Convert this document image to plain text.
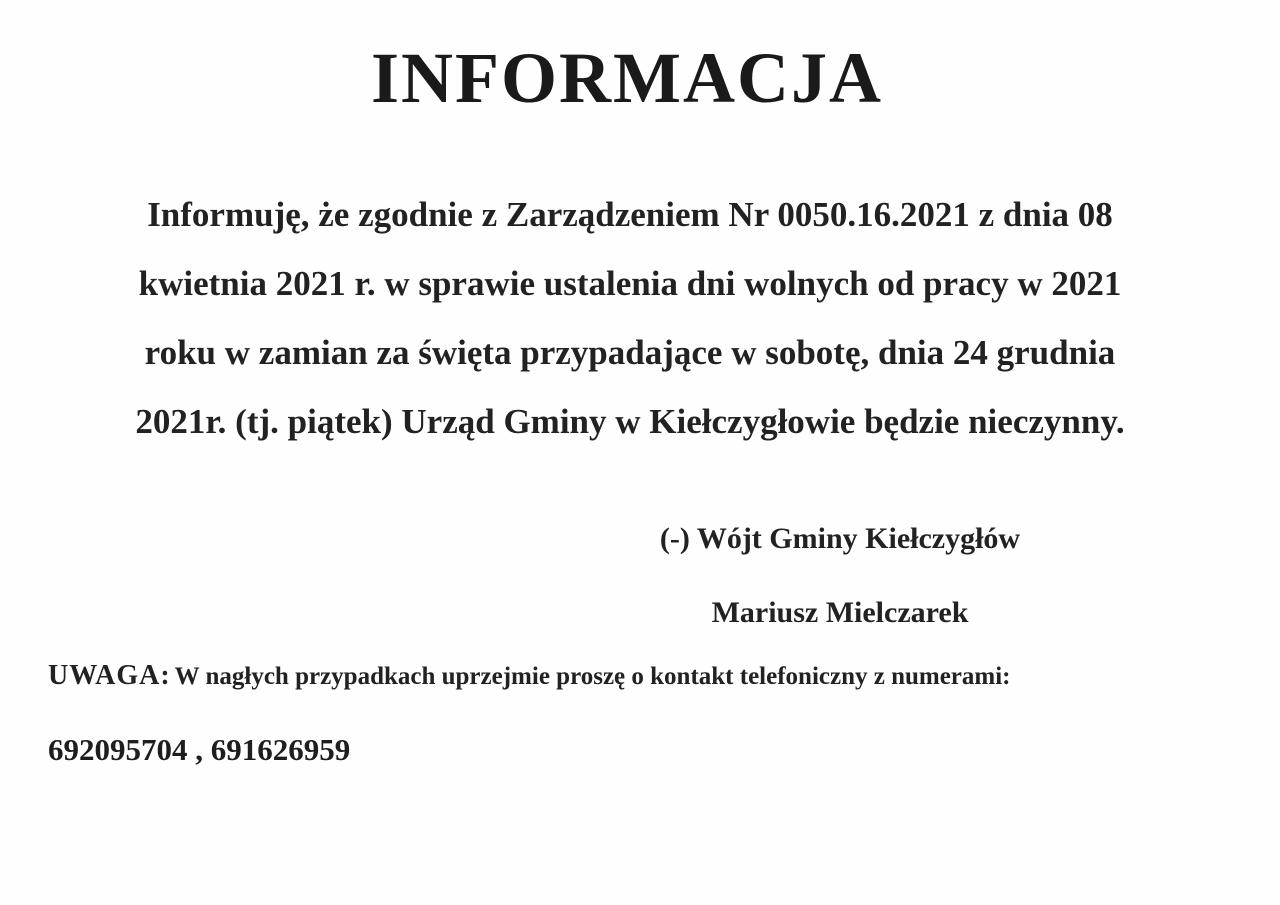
INFORMACJA
Informuję, że zgodnie z Zarządzeniem Nr 0050.16.2021 z dnia 08
kwietnia 2021 r. w sprawie ustalenia dni wolnych od pracy w 2021
roku w zamian za święta przypadające w sobotę, dnia 24 grudnia
2021r. (tj. piątek) Urząd Gminy w Kiełczygłowie będzie nieczynny.
(-) Wójt Gminy Kiełczygłów
Mariusz Mielczarek
UWAGA: W nagłych przypadkach uprzejmie proszę o kontakt telefoniczny z numerami:
692095704 , 691626959
